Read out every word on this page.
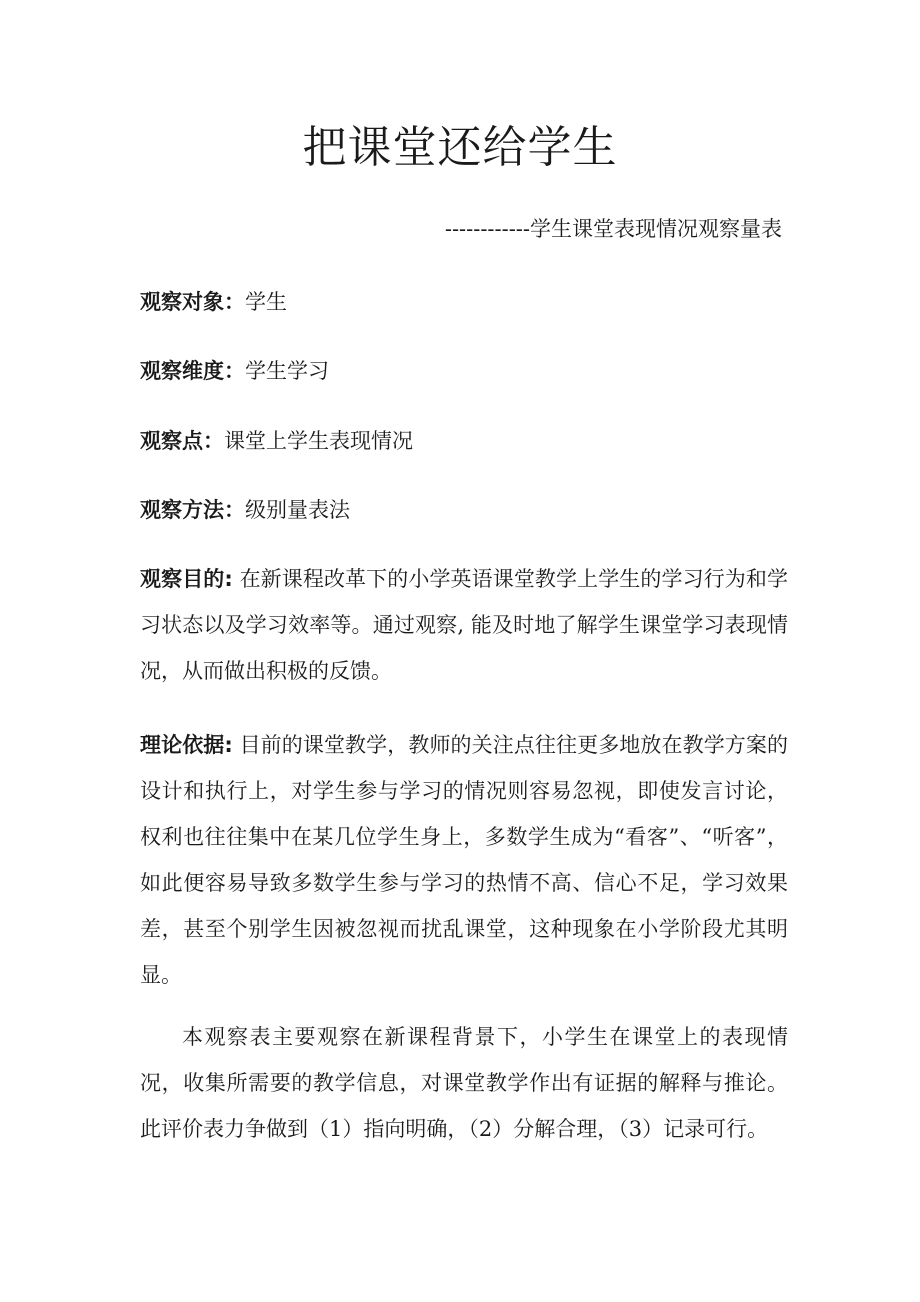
把课堂还给学生

------------学生课堂表现情况观察量表

观察对象：学生

观察维度：学生学习

观察点：课堂上学生表现情况

观察方法：级别量表法

观察目的: 在新课程改革下的小学英语课堂教学上学生的学习行为和学习状态以及学习效率等。通过观察, 能及时地了解学生课堂学习表现情况，从而做出积极的反馈。

理论依据: 目前的课堂教学，教师的关注点往往更多地放在教学方案的设计和执行上，对学生参与学习的情况则容易忽视，即使发言讨论，权利也往往集中在某几位学生身上，多数学生成为“看客”、“听客”，如此便容易导致多数学生参与学习的热情不高、信心不足，学习效果差，甚至个别学生因被忽视而扰乱课堂，这种现象在小学阶段尤其明显。

本观察表主要观察在新课程背景下，小学生在课堂上的表现情况，收集所需要的教学信息，对课堂教学作出有证据的解释与推论。此评价表力争做到（1）指向明确，（2）分解合理，（3）记录可行。
